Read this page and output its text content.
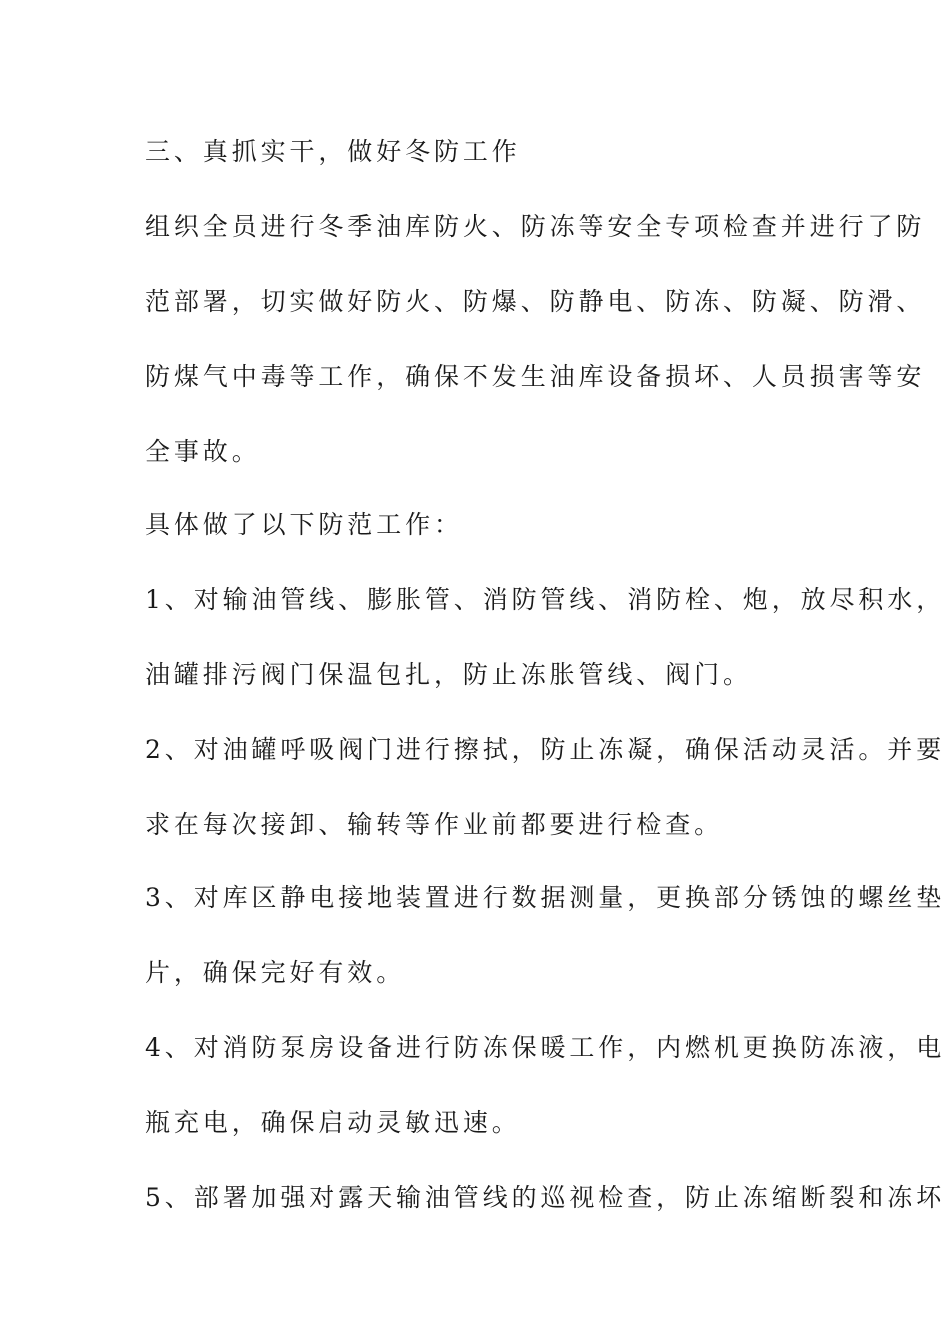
三、真抓实干，做好冬防工作

组织全员进行冬季油库防火、防冻等安全专项检查并进行了防

范部署，切实做好防火、防爆、防静电、防冻、防凝、防滑、

防煤气中毒等工作，确保不发生油库设备损坏、人员损害等安

全事故。

具体做了以下防范工作：

1、对输油管线、膨胀管、消防管线、消防栓、炮，放尽积水，

油罐排污阀门保温包扎，防止冻胀管线、阀门。

2、对油罐呼吸阀门进行擦拭，防止冻凝，确保活动灵活。并要

求在每次接卸、输转等作业前都要进行检查。

3、对库区静电接地装置进行数据测量，更换部分锈蚀的螺丝垫

片，确保完好有效。

4、对消防泵房设备进行防冻保暖工作，内燃机更换防冻液，电

瓶充电，确保启动灵敏迅速。

5、部署加强对露天输油管线的巡视检查，防止冻缩断裂和冻坏
